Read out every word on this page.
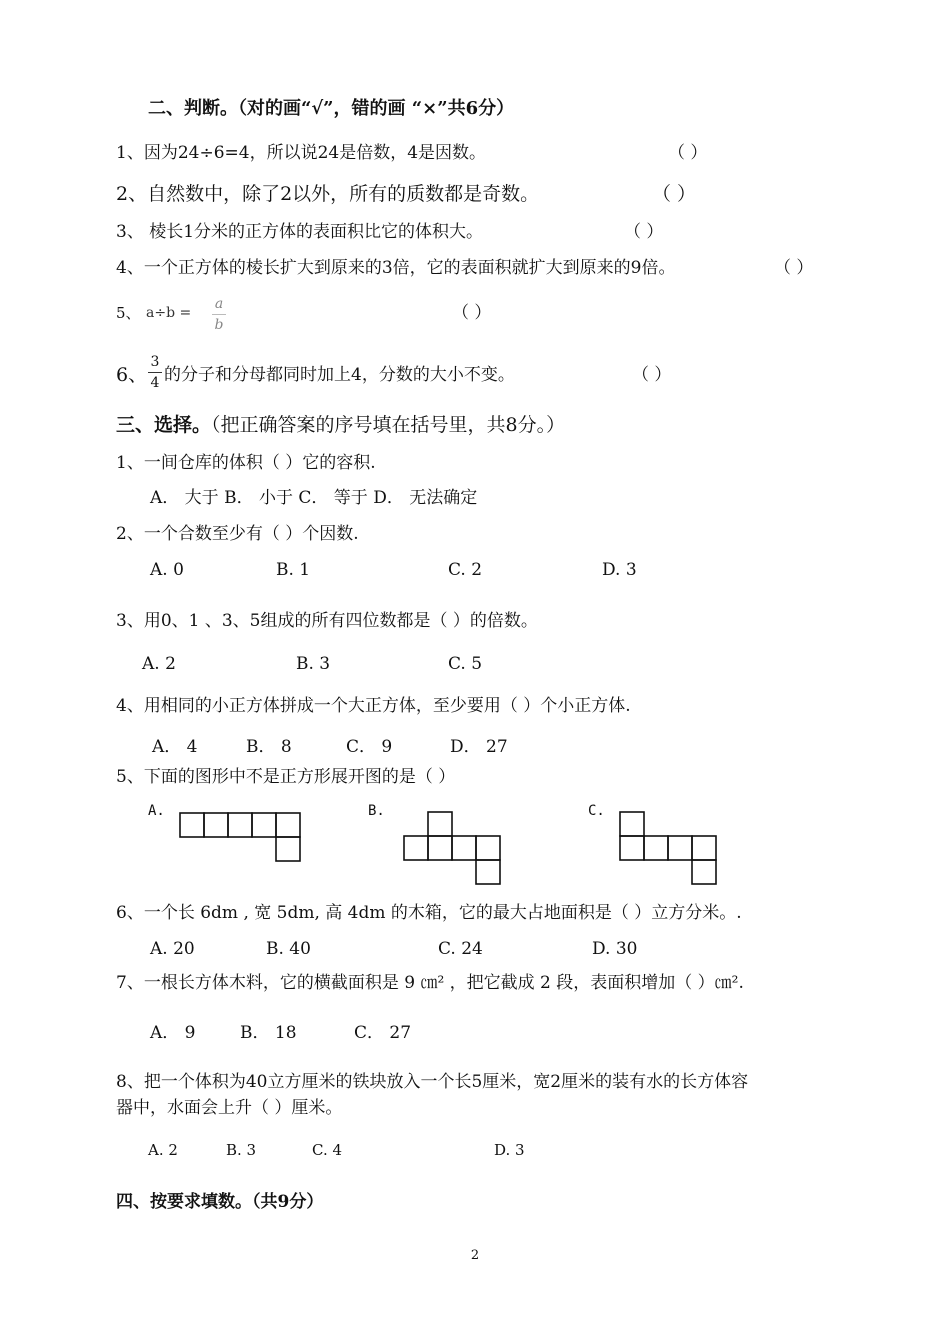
二、判断。（对的画“√”，错的画 “×”共6分）
1、因为24÷6=4，所以说24是倍数，4是因数。	（ ）
2、自然数中，除了2以外，所有的质数都是奇数。	（ ）
3、 棱长1分米的正方体的表面积比它的体积大。	（ ）
4、一个正方体的棱长扩大到原来的3倍，它的表面积就扩大到原来的9倍。	（ ）
5、 a÷b =
a
b
（ ）
6、
3
4 的分子和分母都同时加上4，分数的大小不变。	（ ）
三、选择。（把正确答案的序号填在括号里，共8分。）
1、一间仓库的体积（ ）它的容积.
A． 大于 B． 小于 C． 等于 D． 无法确定
2、一个合数至少有（ ）个因数.
A. 0	B. 1	C. 2	D. 3
3、用0、1 、3、5组成的所有四位数都是（ ）的倍数。
A. 2	B. 3	C. 5
4、用相同的小正方体拼成一个大正方体，至少要用（ ）个小正方体.
A． 4	B． 8	C． 9	D． 27
5、下面的图形中不是正方形展开图的是（ ）
A.	B.	C.
6、一个长 6dm , 宽 5dm, 高 4dm 的木箱，它的最大占地面积是（ ）立方分米。.
A. 20	B. 40	C. 24	D. 30
7、一根长方体木料，它的横截面积是 9 ㎝² ，把它截成 2 段，表面积增加（ ）㎝².
A． 9	B． 18	C． 27
8、把一个体积为40立方厘米的铁块放入一个长5厘米，宽2厘米的装有水的长方体容
器中，水面会上升（ ）厘米。
A. 2	B. 3	C. 4	D. 3
四、按要求填数。（共9分）
2
